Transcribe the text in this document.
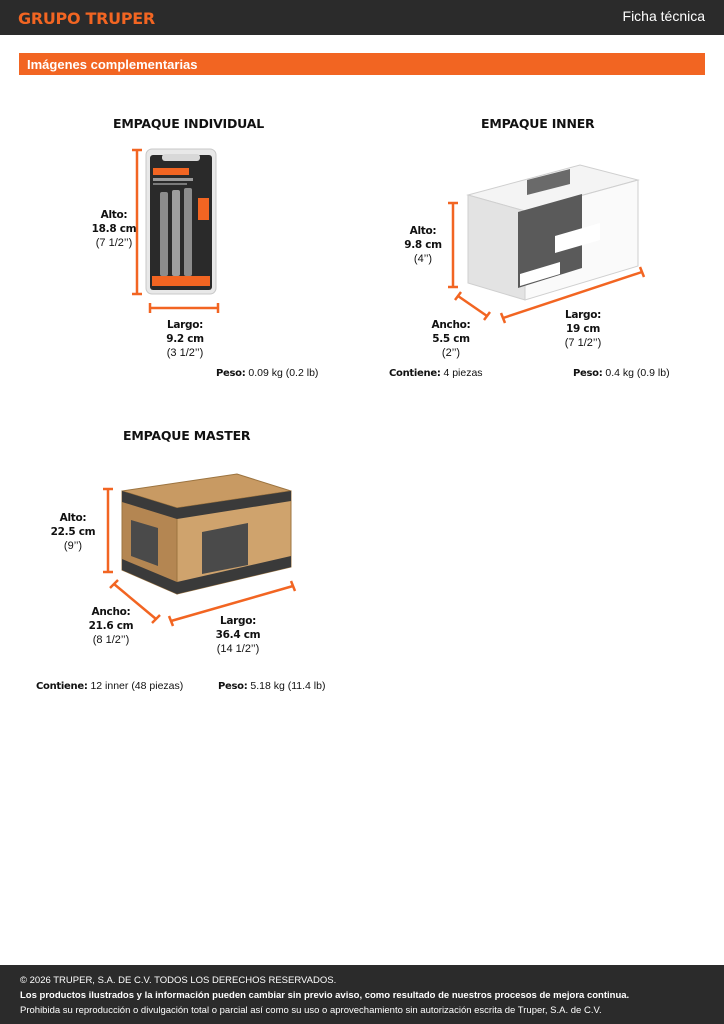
GRUPO TRUPER	Ficha técnica
Imágenes complementarias
EMPAQUE INDIVIDUAL
Alto:
18.8 cm
(7 1/2’’)
Largo:
9.2 cm
(3 1/2’’)
Peso: 0.09 kg (0.2 lb)
EMPAQUE INNER
Alto:
9.8 cm
(4’’)
Ancho:
5.5 cm
(2’’)
Largo:
19 cm
(7 1/2’’)
Contiene: 4 piezas	Peso: 0.4 kg (0.9 lb)
EMPAQUE MASTER
Alto:
22.5 cm
(9’’)
Ancho:
21.6 cm
(8 1/2’’)
Largo:
36.4 cm
(14 1/2’’)
Contiene: 12 inner (48 piezas)	Peso: 5.18 kg (11.4 lb)
© 2026 TRUPER, S.A. DE C.V. TODOS LOS DERECHOS RESERVADOS.
Los productos ilustrados y la información pueden cambiar sin previo aviso, como resultado de nuestros procesos de mejora continua.
Prohibida su reproducción o divulgación total o parcial así como su uso o aprovechamiento sin autorización escrita de Truper, S.A. de C.V.
